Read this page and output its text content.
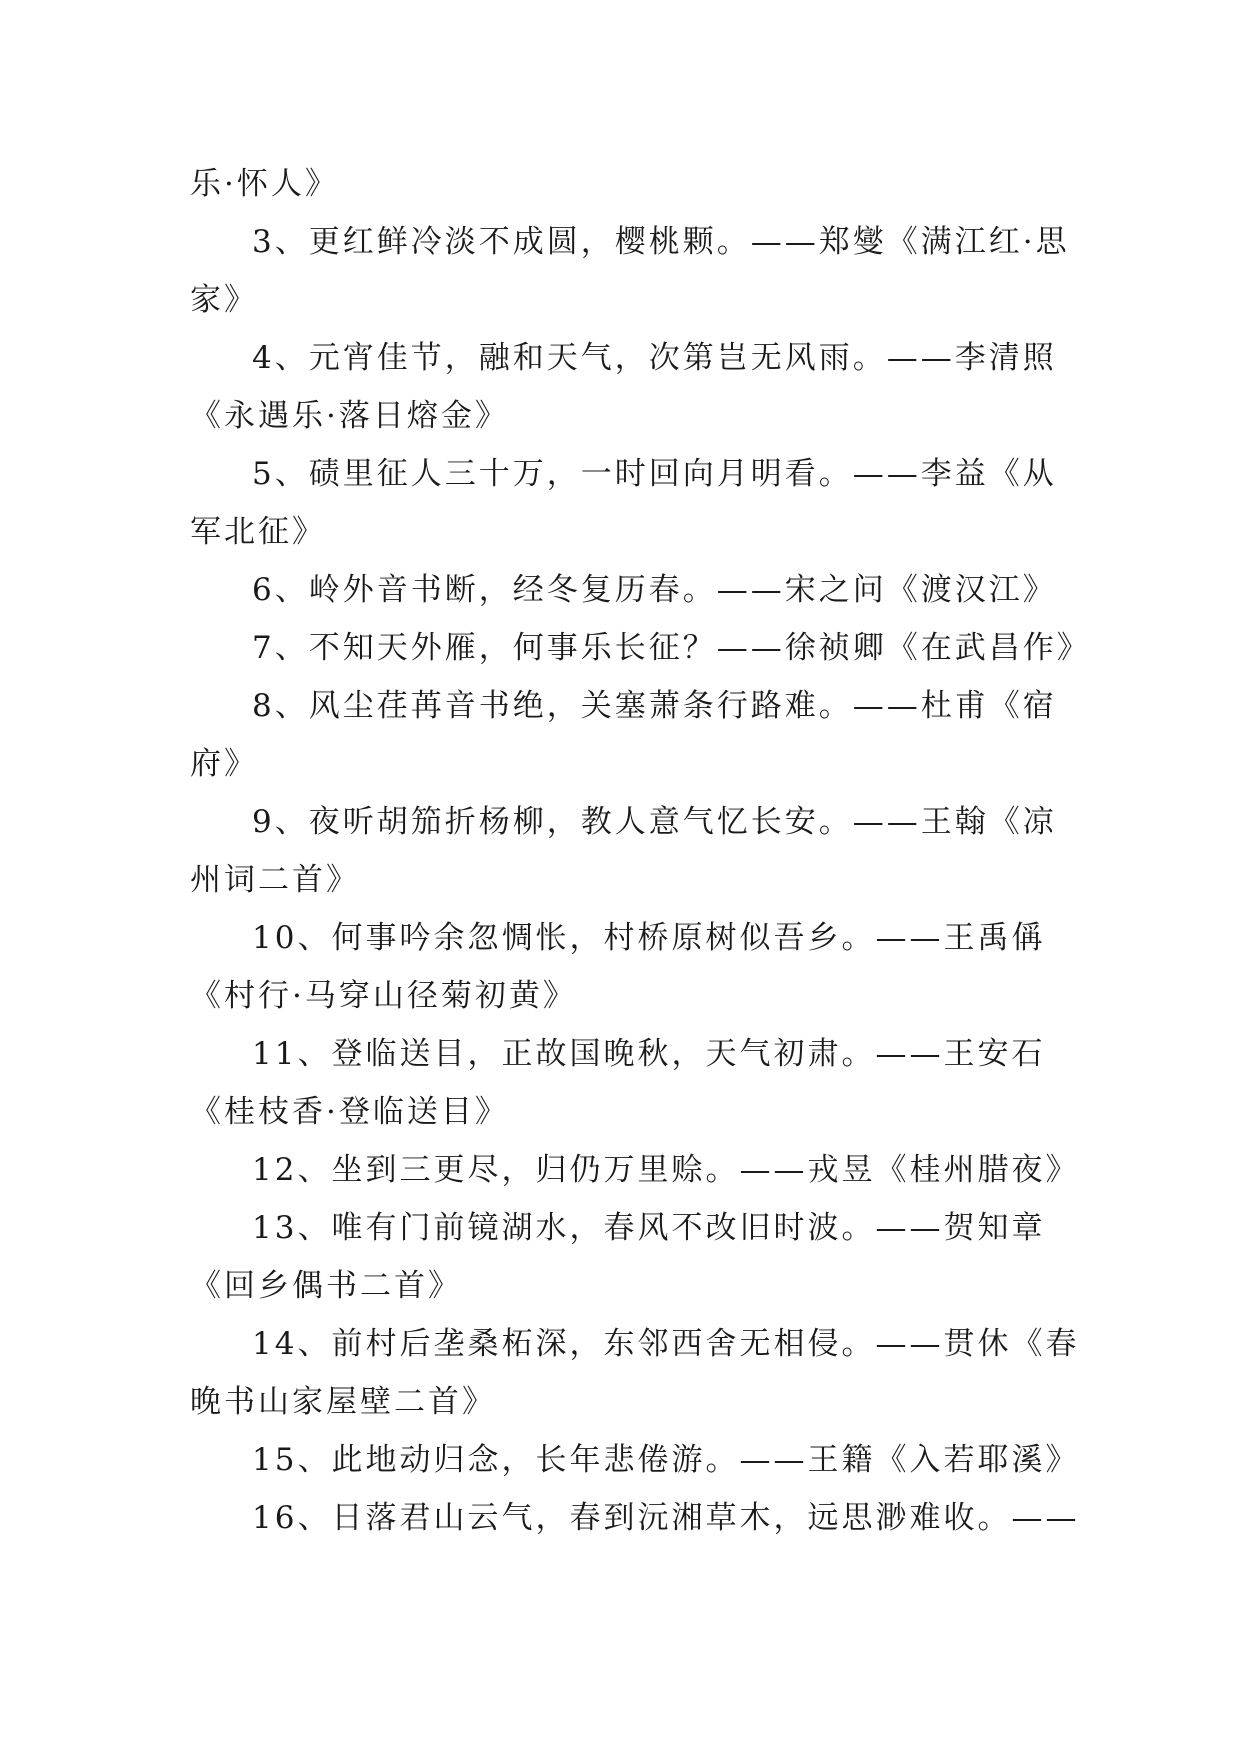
乐·怀人》
3、更红鲜冷淡不成圆，樱桃颗。——郑燮《满江红·思
家》
4、元宵佳节，融和天气，次第岂无风雨。——李清照
《永遇乐·落日熔金》
5、碛里征人三十万，一时回向月明看。——李益《从
军北征》
6、岭外音书断，经冬复历春。——宋之问《渡汉江》
7、不知天外雁，何事乐长征？——徐祯卿《在武昌作》
8、风尘荏苒音书绝，关塞萧条行路难。——杜甫《宿
府》
9、夜听胡笳折杨柳，教人意气忆长安。——王翰《凉
州词二首》
10、何事吟余忽惆怅，村桥原树似吾乡。——王禹偁
《村行·马穿山径菊初黄》
11、登临送目，正故国晚秋，天气初肃。——王安石
《桂枝香·登临送目》
12、坐到三更尽，归仍万里赊。——戎昱《桂州腊夜》
13、唯有门前镜湖水，春风不改旧时波。——贺知章
《回乡偶书二首》
14、前村后垄桑柘深，东邻西舍无相侵。——贯休《春
晚书山家屋壁二首》
15、此地动归念，长年悲倦游。——王籍《入若耶溪》
16、日落君山云气，春到沅湘草木，远思渺难收。——
